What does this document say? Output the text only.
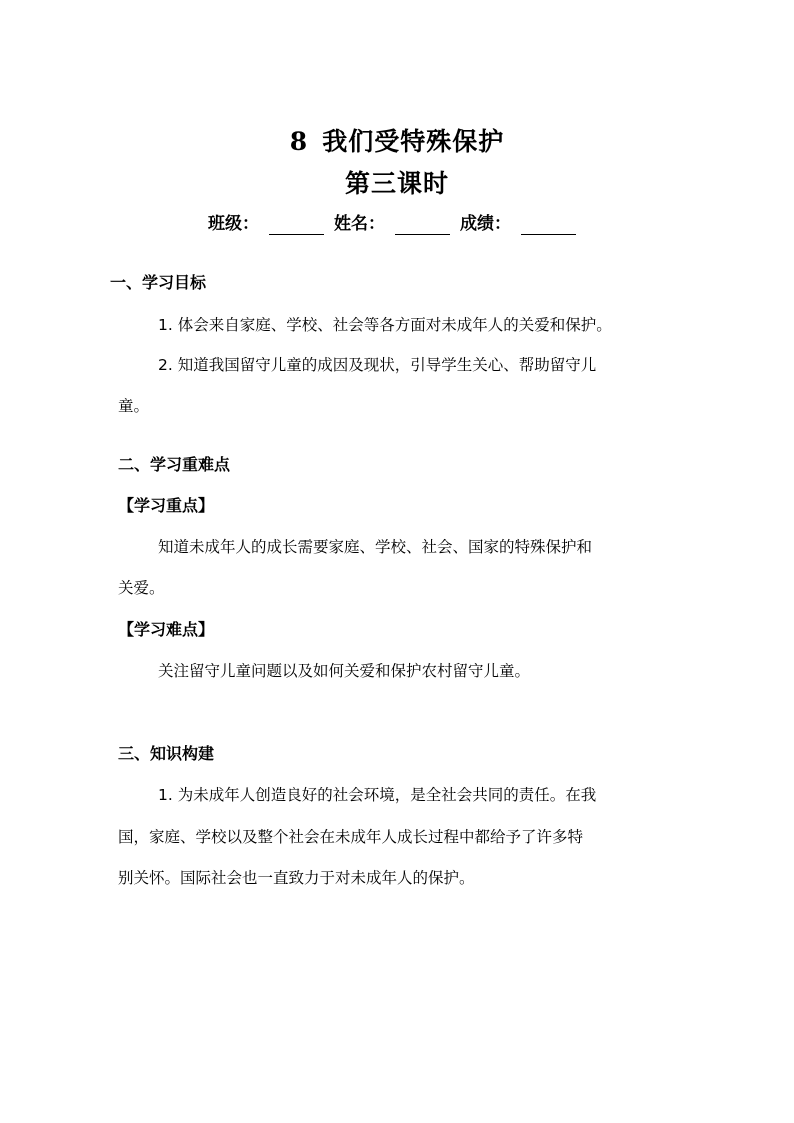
8 我们受特殊保护
第三课时
班级：	姓名：	成绩：
一、学习目标
1. 体会来自家庭、学校、社会等各方面对未成年人的关爱和保护。
2. 知道我国留守儿童的成因及现状，引导学生关心、帮助留守儿
童。
二、学习重难点
【学习重点】
知道未成年人的成长需要家庭、学校、社会、国家的特殊保护和
关爱。
【学习难点】
关注留守儿童问题以及如何关爱和保护农村留守儿童。
三、知识构建
1. 为未成年人创造良好的社会环境，是全社会共同的责任。在我
国，家庭、学校以及整个社会在未成年人成长过程中都给予了许多特
别关怀。国际社会也一直致力于对未成年人的保护。
